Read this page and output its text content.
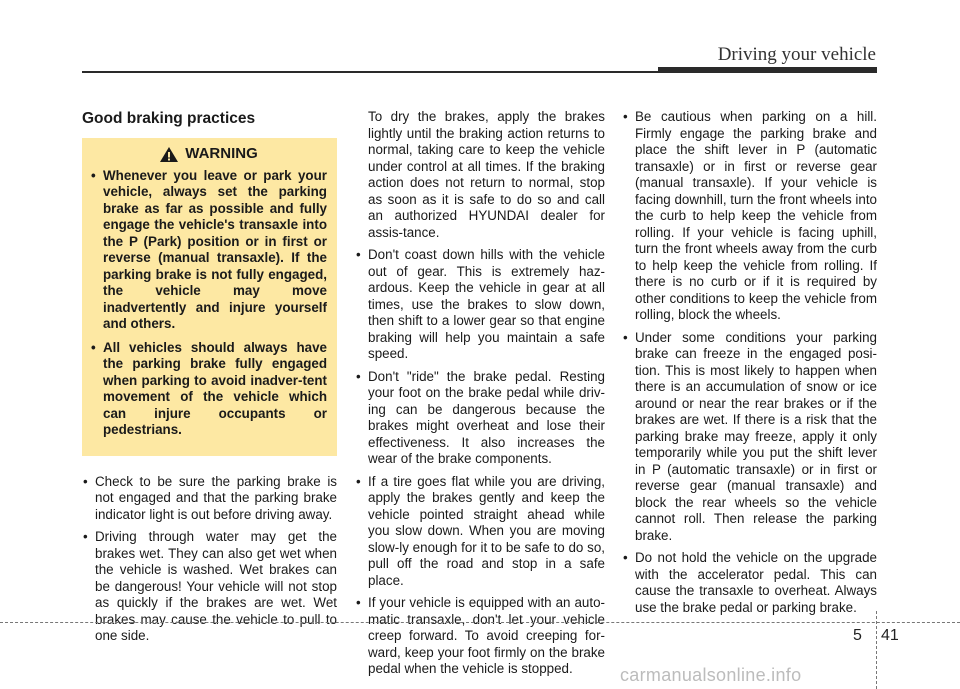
Driving your vehicle
Good braking practices
WARNING
• Whenever you leave or park your vehicle, always set the parking brake as far as possible and fully engage the vehicle's transaxle into the P (Park) position or in first or reverse (manual transaxle). If the parking brake is not fully engaged, the vehicle may move inadvertently and injure yourself and others.
• All vehicles should always have the parking brake fully engaged when parking to avoid inadver-tent movement of the vehicle which can injure occupants or pedestrians.
• Check to be sure the parking brake is not engaged and that the parking brake indicator light is out before driving away.
• Driving through water may get the brakes wet. They can also get wet when the vehicle is washed. Wet brakes can be dangerous! Your vehicle will not stop as quickly if the brakes are wet. Wet brakes may cause the vehicle to pull to one side.

To dry the brakes, apply the brakes lightly until the braking action returns to normal, taking care to keep the vehicle under control at all times. If the braking action does not return to normal, stop as soon as it is safe to do so and call an authorized HYUNDAI dealer for assis-tance.

• Don't coast down hills with the vehicle out of gear. This is extremely haz-ardous. Keep the vehicle in gear at all times, use the brakes to slow down, then shift to a lower gear so that engine braking will help you maintain a safe speed.
• Don't "ride" the brake pedal. Resting your foot on the brake pedal while driv-ing can be dangerous because the brakes might overheat and lose their effectiveness. It also increases the wear of the brake components.
• If a tire goes flat while you are driving, apply the brakes gently and keep the vehicle pointed straight ahead while you slow down. When you are moving slow-ly enough for it to be safe to do so, pull off the road and stop in a safe place.
• If your vehicle is equipped with an auto-matic transaxle, don't let your vehicle creep forward. To avoid creeping for-ward, keep your foot firmly on the brake pedal when the vehicle is stopped.
• Be cautious when parking on a hill. Firmly engage the parking brake and place the shift lever in P (automatic transaxle) or in first or reverse gear (manual transaxle). If your vehicle is facing downhill, turn the front wheels into the curb to help keep the vehicle from rolling. If your vehicle is facing uphill, turn the front wheels away from the curb to help keep the vehicle from rolling. If there is no curb or if it is required by other conditions to keep the vehicle from rolling, block the wheels.
• Under some conditions your parking brake can freeze in the engaged posi-tion. This is most likely to happen when there is an accumulation of snow or ice around or near the rear brakes or if the brakes are wet. If there is a risk that the parking brake may freeze, apply it only temporarily while you put the shift lever in P (automatic transaxle) or in first or reverse gear (manual transaxle) and block the rear wheels so the vehicle cannot roll. Then release the parking brake.
• Do not hold the vehicle on the upgrade with the accelerator pedal. This can cause the transaxle to overheat. Always use the brake pedal or parking brake.
5 41
carmanualsonline.info
